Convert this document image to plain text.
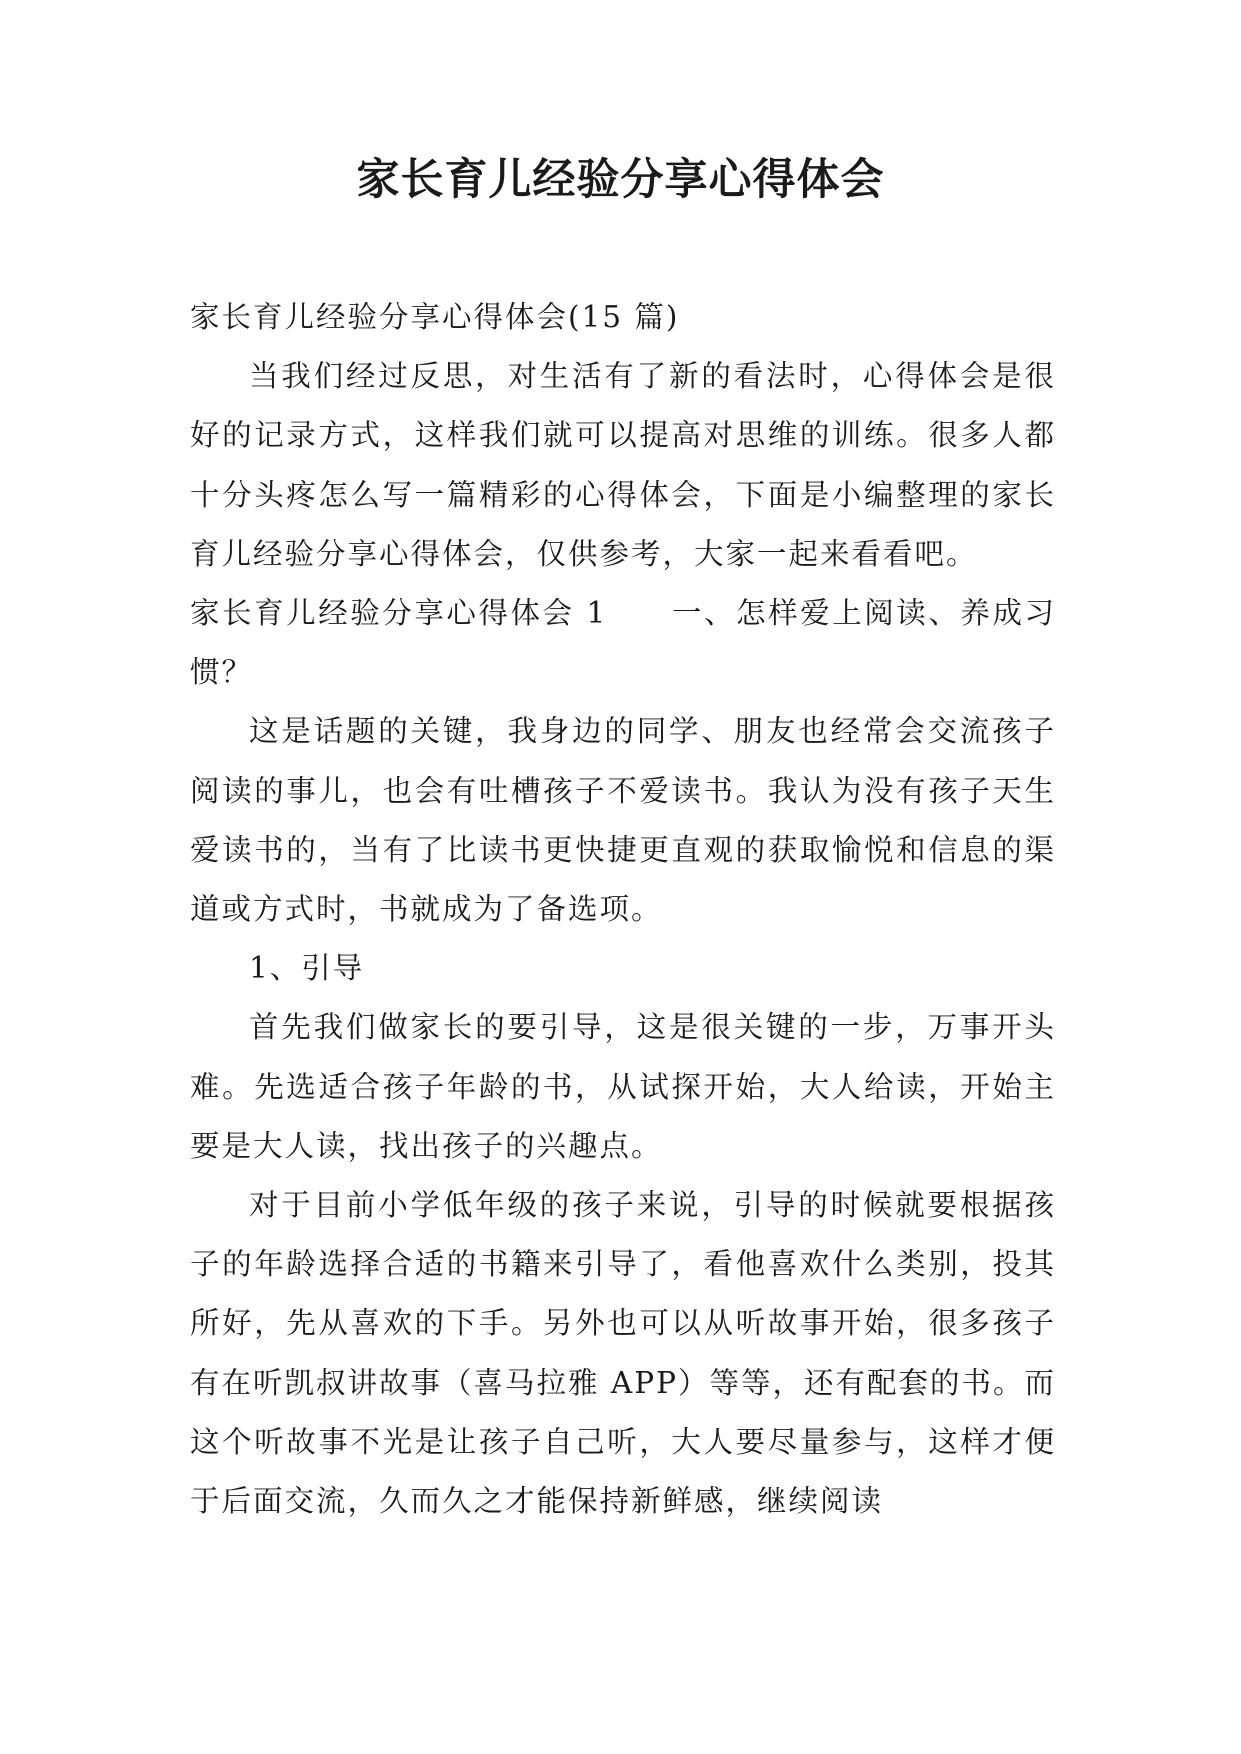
家长育儿经验分享心得体会

家长育儿经验分享心得体会(15 篇)

当我们经过反思，对生活有了新的看法时，心得体会是很好的记录方式，这样我们就可以提高对思维的训练。很多人都十分头疼怎么写一篇精彩的心得体会，下面是小编整理的家长育儿经验分享心得体会，仅供参考，大家一起来看看吧。

家长育儿经验分享心得体会 1　　一、怎样爱上阅读、养成习惯？

这是话题的关键，我身边的同学、朋友也经常会交流孩子阅读的事儿，也会有吐槽孩子不爱读书。我认为没有孩子天生爱读书的，当有了比读书更快捷更直观的获取愉悦和信息的渠道或方式时，书就成为了备选项。

1、引导

首先我们做家长的要引导，这是很关键的一步，万事开头难。先选适合孩子年龄的书，从试探开始，大人给读，开始主要是大人读，找出孩子的兴趣点。

对于目前小学低年级的孩子来说，引导的时候就要根据孩子的年龄选择合适的书籍来引导了，看他喜欢什么类别，投其所好，先从喜欢的下手。另外也可以从听故事开始，很多孩子有在听凯叔讲故事（喜马拉雅 APP）等等，还有配套的书。而这个听故事不光是让孩子自己听，大人要尽量参与，这样才便于后面交流，久而久之才能保持新鲜感，继续阅读
